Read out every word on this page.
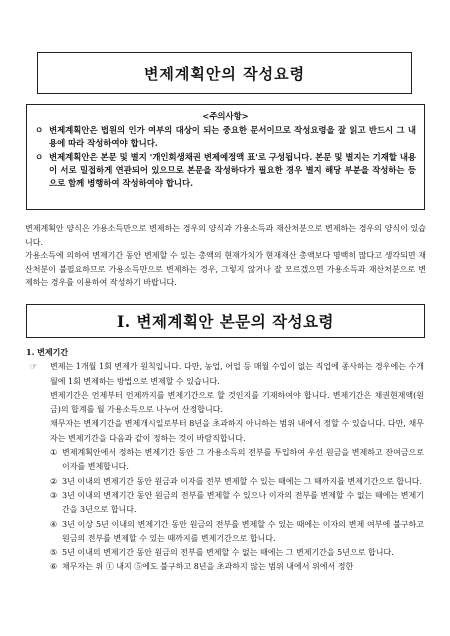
변제계획안의 작성요령
<주의사항>
ㅇ 변제계획안은 법원의 인가 여부의 대상이 되는 중요한 문서이므로 작성요령을 잘 읽고 반드시 그 내용에 따라 작성하여야 합니다.
ㅇ 변제계획안은 본문 및 별지 '개인회생채권 변제예정액 표'로 구성됩니다. 본문 및 별지는 기재할 내용이 서로 밀접하게 연관되어 있으므로 본문을 작성하다가 필요한 경우 별지 해당 부분을 작성하는 등으로 함께 병행하여 작성하여야 합니다.

변제계획안 양식은 가용소득만으로 변제하는 경우의 양식과 가용소득과 재산처분으로 변제하는 경우의 양식이 있습니다.

가용소득에 의하여 변제기간 동안 변제할 수 있는 총액의 현재가치가 현재재산 총액보다 명백히 많다고 생각되면 재산처분이 불필요하므로 가용소득만으로 변제하는 경우, 그렇지 않거나 잘 모르겠으면 가용소득과 재산처분으로 변제하는 경우를 이용하여 작성하기 바랍니다.

I. 변제계획안 본문의 작성요령
1. 변제기간
☞ 변제는 1개월 1회 변제가 원칙입니다. 다만, 농업, 어업 등 매월 수입이 없는 직업에 종사하는 경우에는 수개월에 1회 변제하는 방법으로 변제할 수 있습니다.
변제기간은 언제부터 언제까지를 변제기간으로 할 것인지를 기재하여야 합니다. 변제기간은 채권현재액(원금)의 합계를 월 가용소득으로 나누어 산정합니다.
채무자는 변제기간을 변제개시일로부터 8년을 초과하지 아니하는 범위 내에서 정할 수 있습니다. 다만, 채무자는 변제기간을 다음과 같이 정하는 것이 바람직합니다.
① 변제계획안에서 정하는 변제기간 동안 그 가용소득의 전부를 투입하여 우선 원금을 변제하고 잔여금으로 이자를 변제합니다.
② 3년 이내의 변제기간 동안 원금과 이자를 전부 변제할 수 있는 때에는 그 때까지를 변제기간으로 합니다.
③ 3년 이내의 변제기간 동안 원금의 전부를 변제할 수 있으나 이자의 전부를 변제할 수 없는 때에는 변제기간을 3년으로 합니다.
④ 3년 이상 5년 이내의 변제기간 동안 원금의 전부를 변제할 수 있는 때에는 이자의 변제 여부에 불구하고 원금의 전부를 변제할 수 있는 때까지를 변제기간으로 합니다.
⑤ 5년 이내의 변제기간 동안 원금의 전부를 변제할 수 없는 때에는 그 변제기간을 5년으로 합니다.
⑥ 채무자는 위 ① 내지 ⑤에도 불구하고 8년을 초과하지 않는 범위 내에서 위에서 정한
